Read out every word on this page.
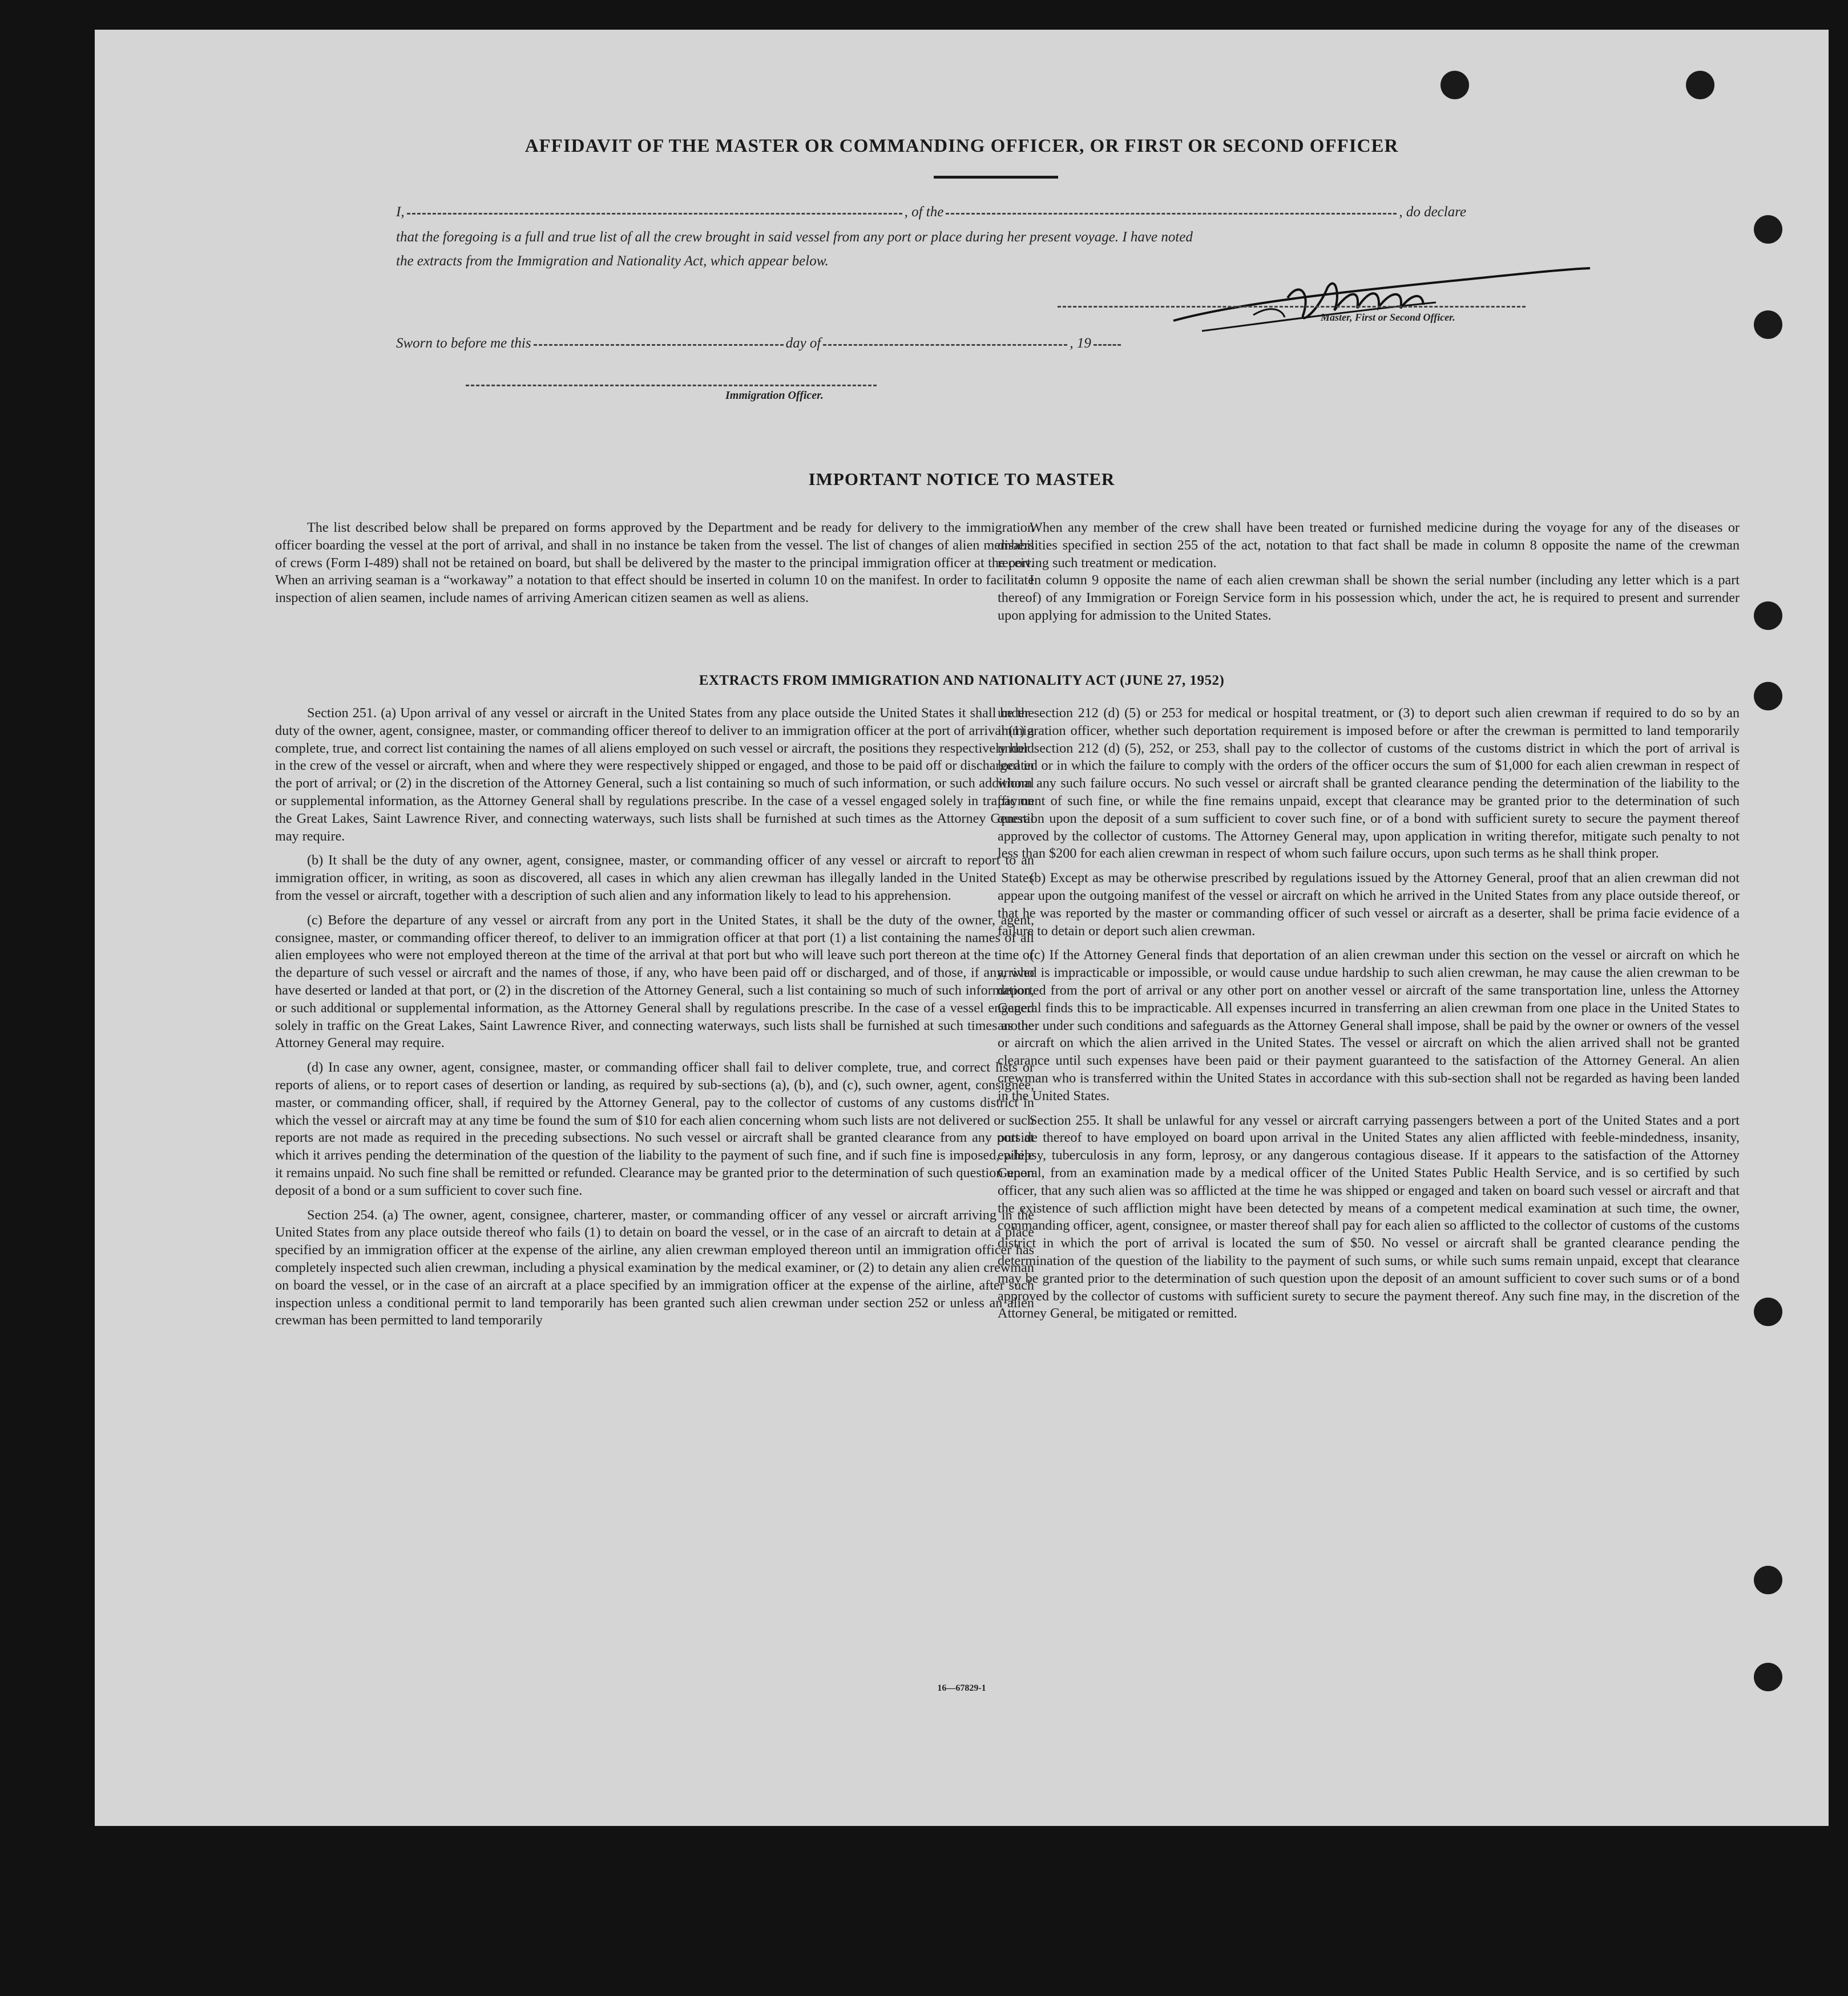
AFFIDAVIT OF THE MASTER OR COMMANDING OFFICER, OR FIRST OR SECOND OFFICER
I,	, of the	, do declare
that the foregoing is a full and true list of all the crew brought in said vessel from any port or place during her present voyage. I have noted
the extracts from the Immigration and Nationality Act, which appear below.
Master, First or Second Officer.
Sworn to before me this	day of	, 19
Immigration Officer.
IMPORTANT NOTICE TO MASTER

The list described below shall be prepared on forms approved by the Department and be ready for delivery to the immigration officer boarding the vessel at the port of arrival, and shall in no instance be taken from the vessel. The list of changes of alien members of crews (Form I-489) shall not be retained on board, but shall be delivered by the master to the principal immigration officer at the port. When an arriving seaman is a “workaway” a notation to that effect should be inserted in column 10 on the manifest. In order to facilitate inspection of alien seamen, include names of arriving American citizen seamen as well as aliens.

When any member of the crew shall have been treated or furnished medicine during the voyage for any of the diseases or disabilities specified in section 255 of the act, notation to that fact shall be made in column 8 opposite the name of the crewman receiving such treatment or medication.

In column 9 opposite the name of each alien crewman shall be shown the serial number (including any letter which is a part thereof) of any Immigration or Foreign Service form in his possession which, under the act, he is required to present and surrender upon applying for admission to the United States.

EXTRACTS FROM IMMIGRATION AND NATIONALITY ACT (JUNE 27, 1952)

Section 251. (a) Upon arrival of any vessel or aircraft in the United States from any place outside the United States it shall be the duty of the owner, agent, consignee, master, or commanding officer thereof to deliver to an immigration officer at the port of arrival (1) a complete, true, and correct list containing the names of all aliens employed on such vessel or aircraft, the positions they respectively hold in the crew of the vessel or aircraft, when and where they were respectively shipped or engaged, and those to be paid off or discharged in the port of arrival; or (2) in the discretion of the Attorney General, such a list containing so much of such information, or such additional or supplemental information, as the Attorney General shall by regulations prescribe. In the case of a vessel engaged solely in traffic on the Great Lakes, Saint Lawrence River, and connecting waterways, such lists shall be furnished at such times as the Attorney General may require.

(b) It shall be the duty of any owner, agent, consignee, master, or commanding officer of any vessel or aircraft to report to an immigration officer, in writing, as soon as discovered, all cases in which any alien crewman has illegally landed in the United States from the vessel or aircraft, together with a description of such alien and any information likely to lead to his apprehension.

(c) Before the departure of any vessel or aircraft from any port in the United States, it shall be the duty of the owner, agent, consignee, master, or commanding officer thereof, to deliver to an immigration officer at that port (1) a list containing the names of all alien employees who were not employed thereon at the time of the arrival at that port but who will leave such port thereon at the time of the departure of such vessel or aircraft and the names of those, if any, who have been paid off or discharged, and of those, if any, who have deserted or landed at that port, or (2) in the discretion of the Attorney General, such a list containing so much of such information, or such additional or supplemental information, as the Attorney General shall by regulations prescribe. In the case of a vessel engaged solely in traffic on the Great Lakes, Saint Lawrence River, and connecting waterways, such lists shall be furnished at such times as the Attorney General may require.

(d) In case any owner, agent, consignee, master, or commanding officer shall fail to deliver complete, true, and correct lists or reports of aliens, or to report cases of desertion or landing, as required by sub-sections (a), (b), and (c), such owner, agent, consignee, master, or commanding officer, shall, if required by the Attorney General, pay to the collector of customs of any customs district in which the vessel or aircraft may at any time be found the sum of $10 for each alien concerning whom such lists are not delivered or such reports are not made as required in the preceding subsections. No such vessel or aircraft shall be granted clearance from any port at which it arrives pending the determination of the question of the liability to the payment of such fine, and if such fine is imposed, while it remains unpaid. No such fine shall be remitted or refunded. Clearance may be granted prior to the determination of such question upon deposit of a bond or a sum sufficient to cover such fine.

Section 254. (a) The owner, agent, consignee, charterer, master, or commanding officer of any vessel or aircraft arriving in the United States from any place outside thereof who fails (1) to detain on board the vessel, or in the case of an aircraft to detain at a place specified by an immigration officer at the expense of the airline, any alien crewman employed thereon until an immigration officer has completely inspected such alien crewman, including a physical examination by the medical examiner, or (2) to detain any alien crewman on board the vessel, or in the case of an aircraft at a place specified by an immigration officer at the expense of the airline, after such inspection unless a conditional permit to land temporarily has been granted such alien crewman under section 252 or unless an alien crewman has been permitted to land temporarily

under section 212 (d) (5) or 253 for medical or hospital treatment, or (3) to deport such alien crewman if required to do so by an immigration officer, whether such deportation requirement is imposed before or after the crewman is permitted to land temporarily under section 212 (d) (5), 252, or 253, shall pay to the collector of customs of the customs district in which the port of arrival is located or in which the failure to comply with the orders of the officer occurs the sum of $1,000 for each alien crewman in respect of whom any such failure occurs. No such vessel or aircraft shall be granted clearance pending the determination of the liability to the payment of such fine, or while the fine remains unpaid, except that clearance may be granted prior to the determination of such question upon the deposit of a sum sufficient to cover such fine, or of a bond with sufficient surety to secure the payment thereof approved by the collector of customs. The Attorney General may, upon application in writing therefor, mitigate such penalty to not less than $200 for each alien crewman in respect of whom such failure occurs, upon such terms as he shall think proper.

(b) Except as may be otherwise prescribed by regulations issued by the Attorney General, proof that an alien crewman did not appear upon the outgoing manifest of the vessel or aircraft on which he arrived in the United States from any place outside thereof, or that he was reported by the master or commanding officer of such vessel or aircraft as a deserter, shall be prima facie evidence of a failure to detain or deport such alien crewman.

(c) If the Attorney General finds that deportation of an alien crewman under this section on the vessel or aircraft on which he arrived is impracticable or impossible, or would cause undue hardship to such alien crewman, he may cause the alien crewman to be deported from the port of arrival or any other port on another vessel or aircraft of the same transportation line, unless the Attorney General finds this to be impracticable. All expenses incurred in transferring an alien crewman from one place in the United States to another under such conditions and safeguards as the Attorney General shall impose, shall be paid by the owner or owners of the vessel or aircraft on which the alien arrived in the United States. The vessel or aircraft on which the alien arrived shall not be granted clearance until such expenses have been paid or their payment guaranteed to the satisfaction of the Attorney General. An alien crewman who is transferred within the United States in accordance with this sub-section shall not be regarded as having been landed in the United States.

Section 255. It shall be unlawful for any vessel or aircraft carrying passengers between a port of the United States and a port outside thereof to have employed on board upon arrival in the United States any alien afflicted with feeble-mindedness, insanity, epilepsy, tuberculosis in any form, leprosy, or any dangerous contagious disease. If it appears to the satisfaction of the Attorney General, from an examination made by a medical officer of the United States Public Health Service, and is so certified by such officer, that any such alien was so afflicted at the time he was shipped or engaged and taken on board such vessel or aircraft and that the existence of such affliction might have been detected by means of a competent medical examination at such time, the owner, commanding officer, agent, consignee, or master thereof shall pay for each alien so afflicted to the collector of customs of the customs district in which the port of arrival is located the sum of $50. No vessel or aircraft shall be granted clearance pending the determination of the question of the liability to the payment of such sums, or while such sums remain unpaid, except that clearance may be granted prior to the determination of such question upon the deposit of an amount sufficient to cover such sums or of a bond approved by the collector of customs with sufficient surety to secure the payment thereof. Any such fine may, in the discretion of the Attorney General, be mitigated or remitted.

16—67829-1
